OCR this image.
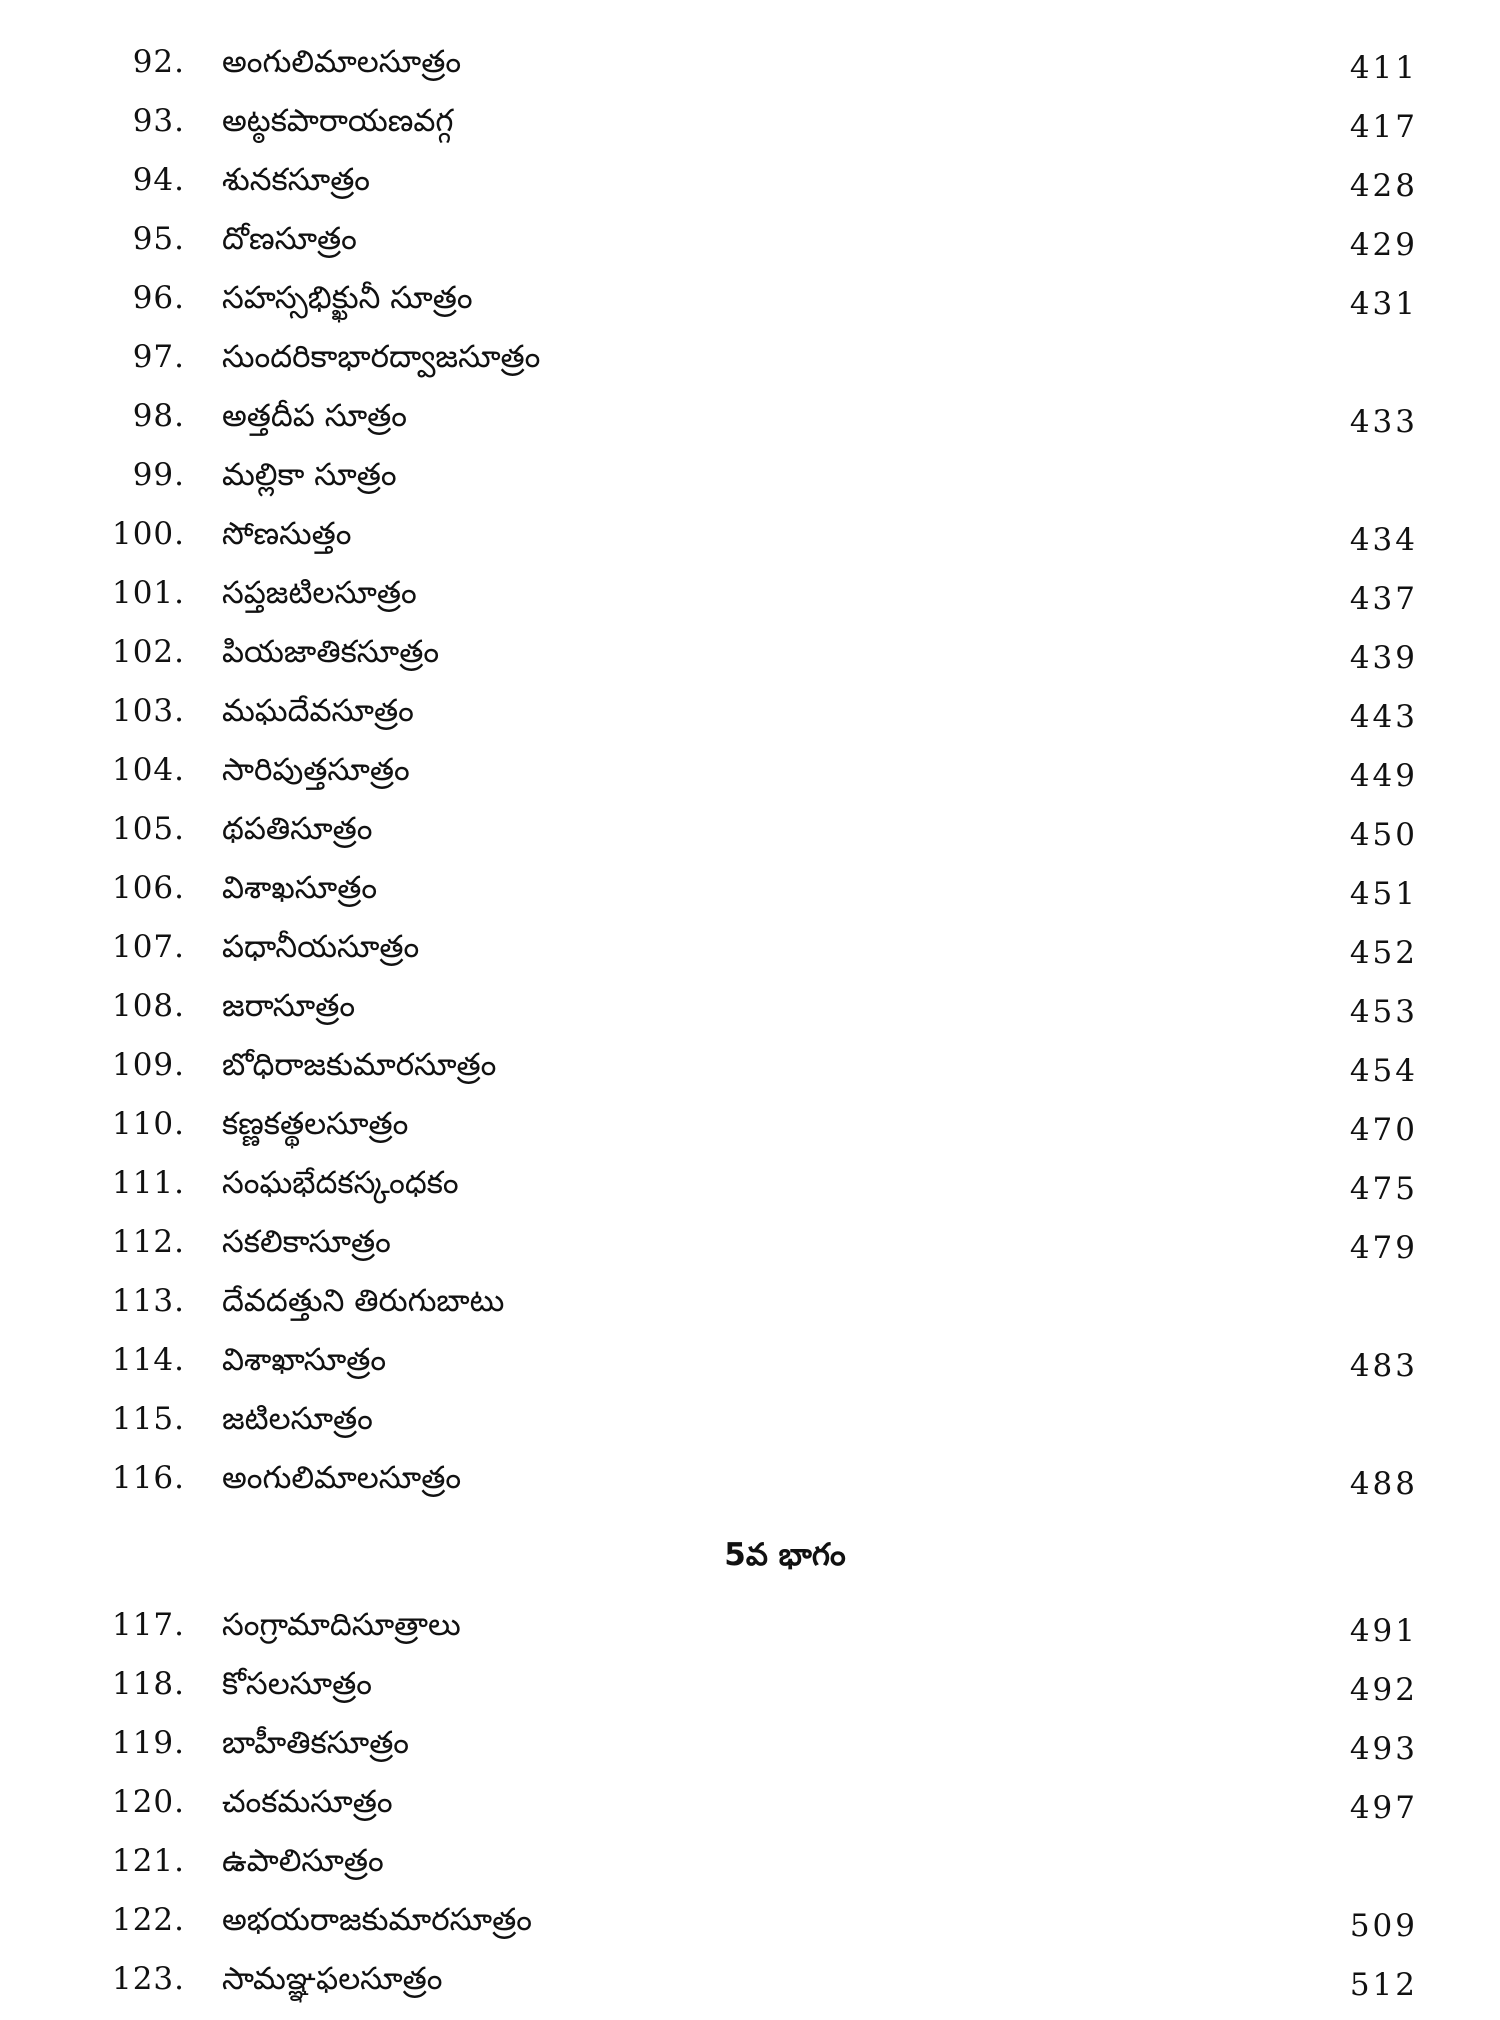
92. అంగులిమాలసూత్రం	411
93. అట్ఠకపారాయణవగ్గ	417
94. శునకసూత్రం	428
95. దోణసూత్రం	429
96. సహస్సభిక్ఖునీ సూత్రం	431
97. సుందరికాభారద్వాజసూత్రం
98. అత్తదీప సూత్రం	433
99. మల్లికా సూత్రం
100. సోణసుత్తం	434
101. సప్తజటిలసూత్రం	437
102. పియజాతికసూత్రం	439
103. మఘదేవసూత్రం	443
104. సారిపుత్తసూత్రం	449
105. థపతిసూత్రం	450
106. విశాఖసూత్రం	451
107. పధానీయసూత్రం	452
108. జరాసూత్రం	453
109. బోధిరాజకుమారసూత్రం	454
110. కణ్ణకత్థలసూత్రం	470
111. సంఘభేదకస్కంధకం	475
112. సకలికాసూత్రం	479
113. దేవదత్తుని తిరుగుబాటు
114. విశాఖాసూత్రం	483
115. జటిలసూత్రం
116. అంగులిమాలసూత్రం	488
5వ భాగం
117. సంగ్రామాదిసూత్రాలు	491
118. కోసలసూత్రం	492
119. బాహీతికసూత్రం	493
120. చంకమసూత్రం	497
121. ఉపాలిసూత్రం
122. అభయరాజకుమారసూత్రం	509
123. సామఞ్ఞఫలసూత్రం	512
